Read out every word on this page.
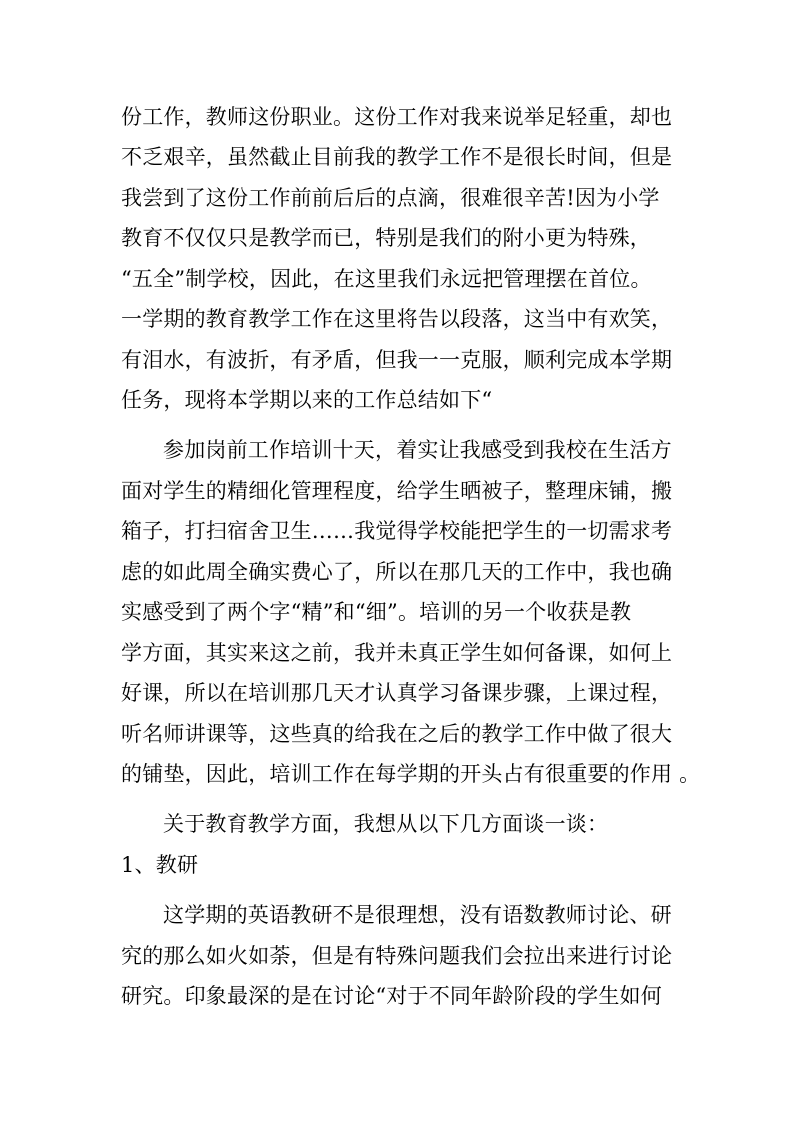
份工作，教师这份职业。这份工作对我来说举足轻重，却也
不乏艰辛，虽然截止目前我的教学工作不是很长时间，但是
我尝到了这份工作前前后后的点滴，很难很辛苦!因为小学
教育不仅仅只是教学而已，特别是我们的附小更为特殊，
“五全”制学校，因此，在这里我们永远把管理摆在首位。
一学期的教育教学工作在这里将告以段落，这当中有欢笑，
有泪水，有波折，有矛盾，但我一一克服，顺利完成本学期
任务，现将本学期以来的工作总结如下“
参加岗前工作培训十天，着实让我感受到我校在生活方
面对学生的精细化管理程度，给学生晒被子，整理床铺，搬
箱子，打扫宿舍卫生……我觉得学校能把学生的一切需求考
虑的如此周全确实费心了，所以在那几天的工作中，我也确
实感受到了两个字“精”和“细”。培训的另一个收获是教
学方面，其实来这之前，我并未真正学生如何备课，如何上
好课，所以在培训那几天才认真学习备课步骤，上课过程，
听名师讲课等，这些真的给我在之后的教学工作中做了很大
的铺垫，因此，培训工作在每学期的开头占有很重要的作用 。
关于教育教学方面，我想从以下几方面谈一谈：
1、教研
这学期的英语教研不是很理想，没有语数教师讨论、研
究的那么如火如荼，但是有特殊问题我们会拉出来进行讨论
研究。印象最深的是在讨论“对于不同年龄阶段的学生如何
